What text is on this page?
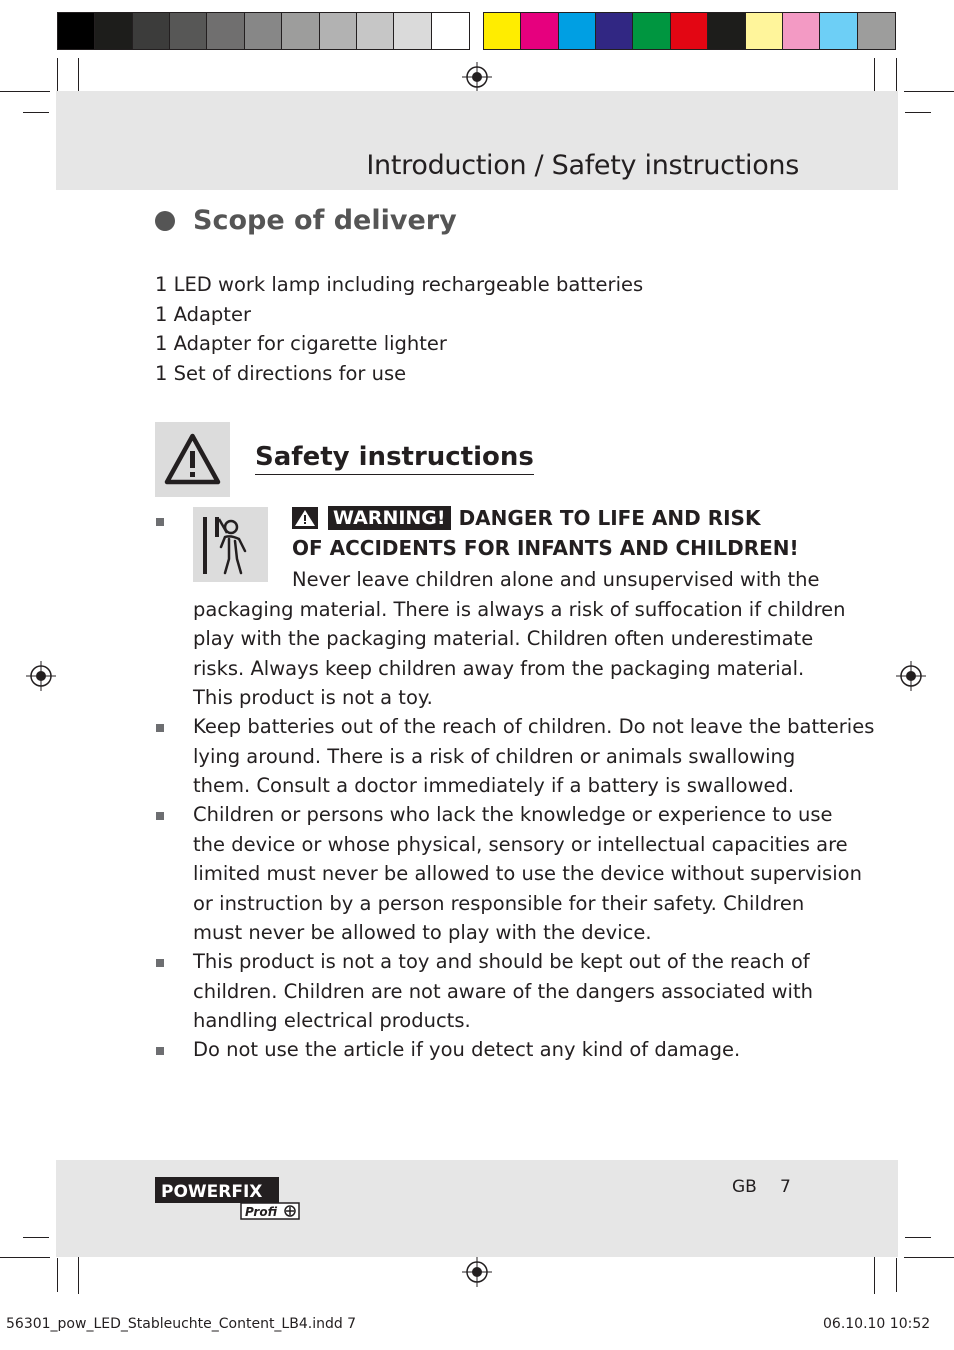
Introduction / Safety instructions
Scope of delivery
1 LED work lamp including rechargeable batteries
1 Adapter
1 Adapter for cigarette lighter
1 Set of directions for use
Safety instructions
WARNING! DANGER TO LIFE AND RISK
OF ACCIDENTS FOR INFANTS AND CHILDREN!
Never leave children alone and unsupervised with the
packaging material. There is always a risk of suffocation if children
play with the packaging material. Children often underestimate
risks. Always keep children away from the packaging material.
This product is not a toy.
Keep batteries out of the reach of children. Do not leave the batteries
lying around. There is a risk of children or animals swallowing
them. Consult a doctor immediately if a battery is swallowed.
Children or persons who lack the knowledge or experience to use
the device or whose physical, sensory or intellectual capacities are
limited must never be allowed to use the device without supervision
or instruction by a person responsible for their safety. Children
must never be allowed to play with the device.
This product is not a toy and should be kept out of the reach of
children. Children are not aware of the dangers associated with
handling electrical products.
Do not use the article if you detect any kind of damage.
POWERFIX
Profi
GB 7
56301_pow_LED_Stableuchte_Content_LB4.indd 7	06.10.10 10:52
